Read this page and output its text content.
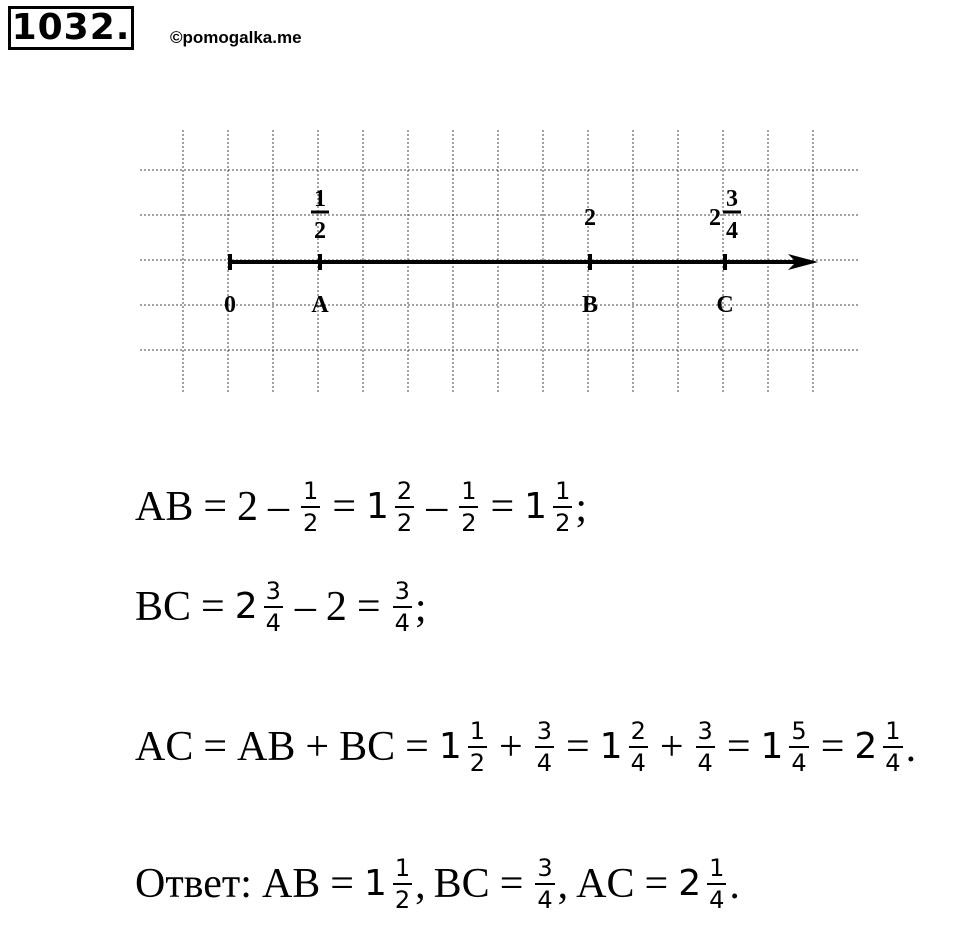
1032. ©pomogalka.me
0	A
1
2
B
2
C
2
3
4
AB = $2 - \frac{1}{2} = 1 \frac{2}{2} - \frac{1}{2} = 1 \frac{1}{2}$ ;
BC = $2 \frac{3}{4} - 2 = \frac{3}{4}$ ;
AC = AB + BC = $1 \frac{1}{2} + \frac{3}{4} = 1 \frac{2}{4} + \frac{3}{4} = 1 \frac{5}{4} = 2 \frac{1}{4}$ .
Ответ: AB = $1 \frac{1}{2}$ , BC = $\frac{3}{4}$ , AC = $2 \frac{1}{4}$ .
